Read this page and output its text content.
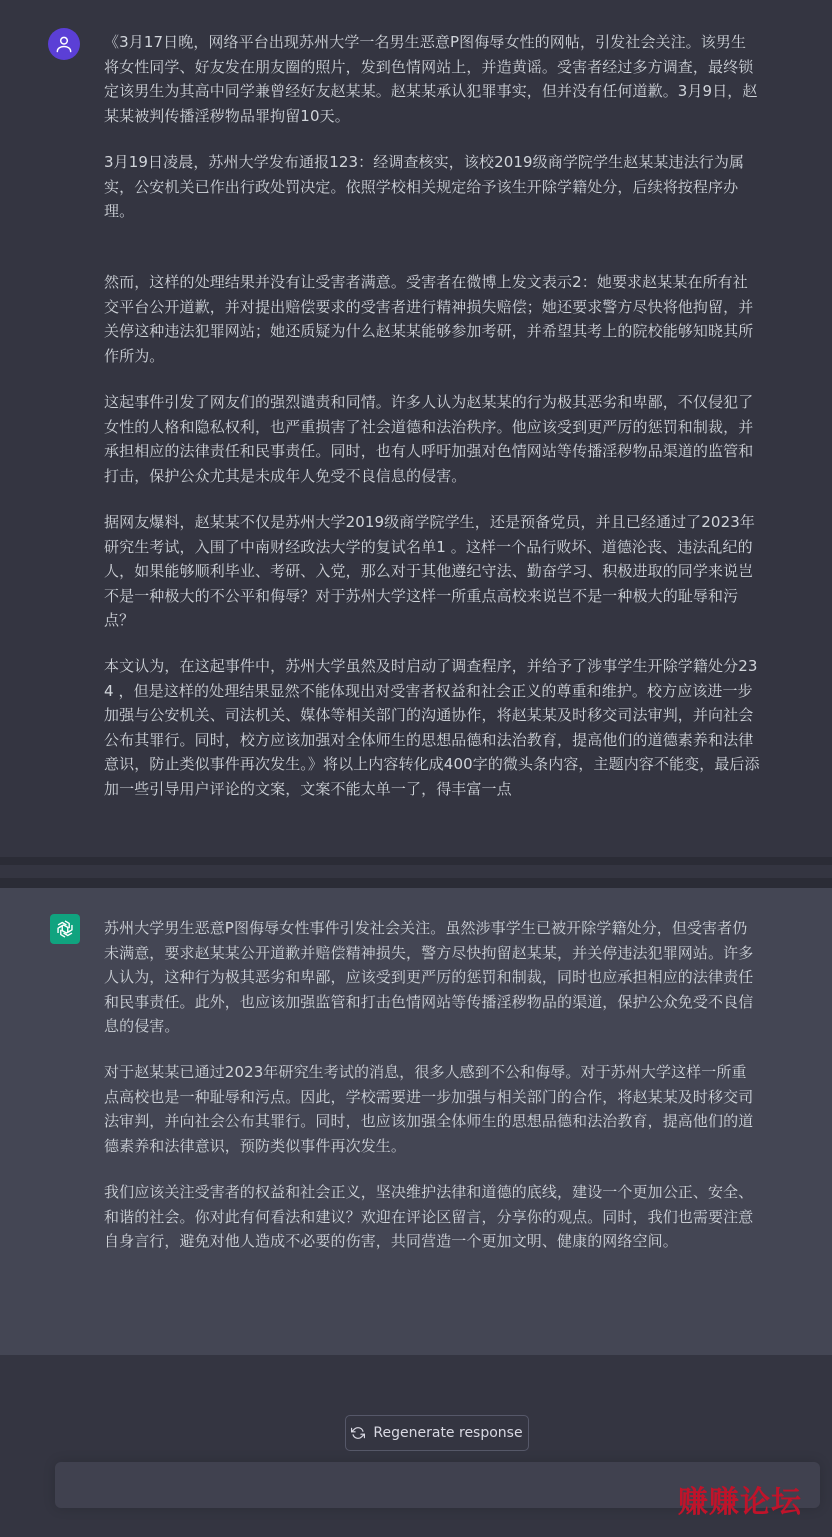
《3月17日晚，网络平台出现苏州大学一名男生恶意P图侮辱女性的网帖，引发社会关注。该男生将女性同学、好友发在朋友圈的照片，发到色情网站上，并造黄谣。受害者经过多方调查，最终锁定该男生为其高中同学兼曾经好友赵某某。赵某某承认犯罪事实，但并没有任何道歉。3月9日，赵某某被判传播淫秽物品罪拘留10天。

3月19日凌晨，苏州大学发布通报123：经调查核实，该校2019级商学院学生赵某某违法行为属实，公安机关已作出行政处罚决定。依照学校相关规定给予该生开除学籍处分，后续将按程序办理。

然而，这样的处理结果并没有让受害者满意。受害者在微博上发文表示2：她要求赵某某在所有社交平台公开道歉，并对提出赔偿要求的受害者进行精神损失赔偿；她还要求警方尽快将他拘留，并关停这种违法犯罪网站；她还质疑为什么赵某某能够参加考研，并希望其考上的院校能够知晓其所作所为。

这起事件引发了网友们的强烈谴责和同情。许多人认为赵某某的行为极其恶劣和卑鄙，不仅侵犯了女性的人格和隐私权利，也严重损害了社会道德和法治秩序。他应该受到更严厉的惩罚和制裁，并承担相应的法律责任和民事责任。同时，也有人呼吁加强对色情网站等传播淫秽物品渠道的监管和打击，保护公众尤其是未成年人免受不良信息的侵害。

据网友爆料，赵某某不仅是苏州大学2019级商学院学生，还是预备党员，并且已经通过了2023年研究生考试，入围了中南财经政法大学的复试名单1 。这样一个品行败坏、道德沦丧、违法乱纪的人，如果能够顺利毕业、考研、入党，那么对于其他遵纪守法、勤奋学习、积极进取的同学来说岂不是一种极大的不公平和侮辱？对于苏州大学这样一所重点高校来说岂不是一种极大的耻辱和污点？

本文认为，在这起事件中，苏州大学虽然及时启动了调查程序，并给予了涉事学生开除学籍处分234 ，但是这样的处理结果显然不能体现出对受害者权益和社会正义的尊重和维护。校方应该进一步加强与公安机关、司法机关、媒体等相关部门的沟通协作，将赵某某及时移交司法审判，并向社会公布其罪行。同时，校方应该加强对全体师生的思想品德和法治教育，提高他们的道德素养和法律意识，防止类似事件再次发生。》将以上内容转化成400字的微头条内容，主题内容不能变，最后添加一些引导用户评论的文案，文案不能太单一了，得丰富一点

苏州大学男生恶意P图侮辱女性事件引发社会关注。虽然涉事学生已被开除学籍处分，但受害者仍未满意，要求赵某某公开道歉并赔偿精神损失，警方尽快拘留赵某某，并关停违法犯罪网站。许多人认为，这种行为极其恶劣和卑鄙，应该受到更严厉的惩罚和制裁，同时也应承担相应的法律责任和民事责任。此外，也应该加强监管和打击色情网站等传播淫秽物品的渠道，保护公众免受不良信息的侵害。

对于赵某某已通过2023年研究生考试的消息，很多人感到不公和侮辱。对于苏州大学这样一所重点高校也是一种耻辱和污点。因此，学校需要进一步加强与相关部门的合作，将赵某某及时移交司法审判，并向社会公布其罪行。同时，也应该加强全体师生的思想品德和法治教育，提高他们的道德素养和法律意识，预防类似事件再次发生。

我们应该关注受害者的权益和社会正义，坚决维护法律和道德的底线，建设一个更加公正、安全、和谐的社会。你对此有何看法和建议？欢迎在评论区留言，分享你的观点。同时，我们也需要注意自身言行，避免对他人造成不必要的伤害，共同营造一个更加文明、健康的网络空间。

Regenerate response
赚赚论坛
